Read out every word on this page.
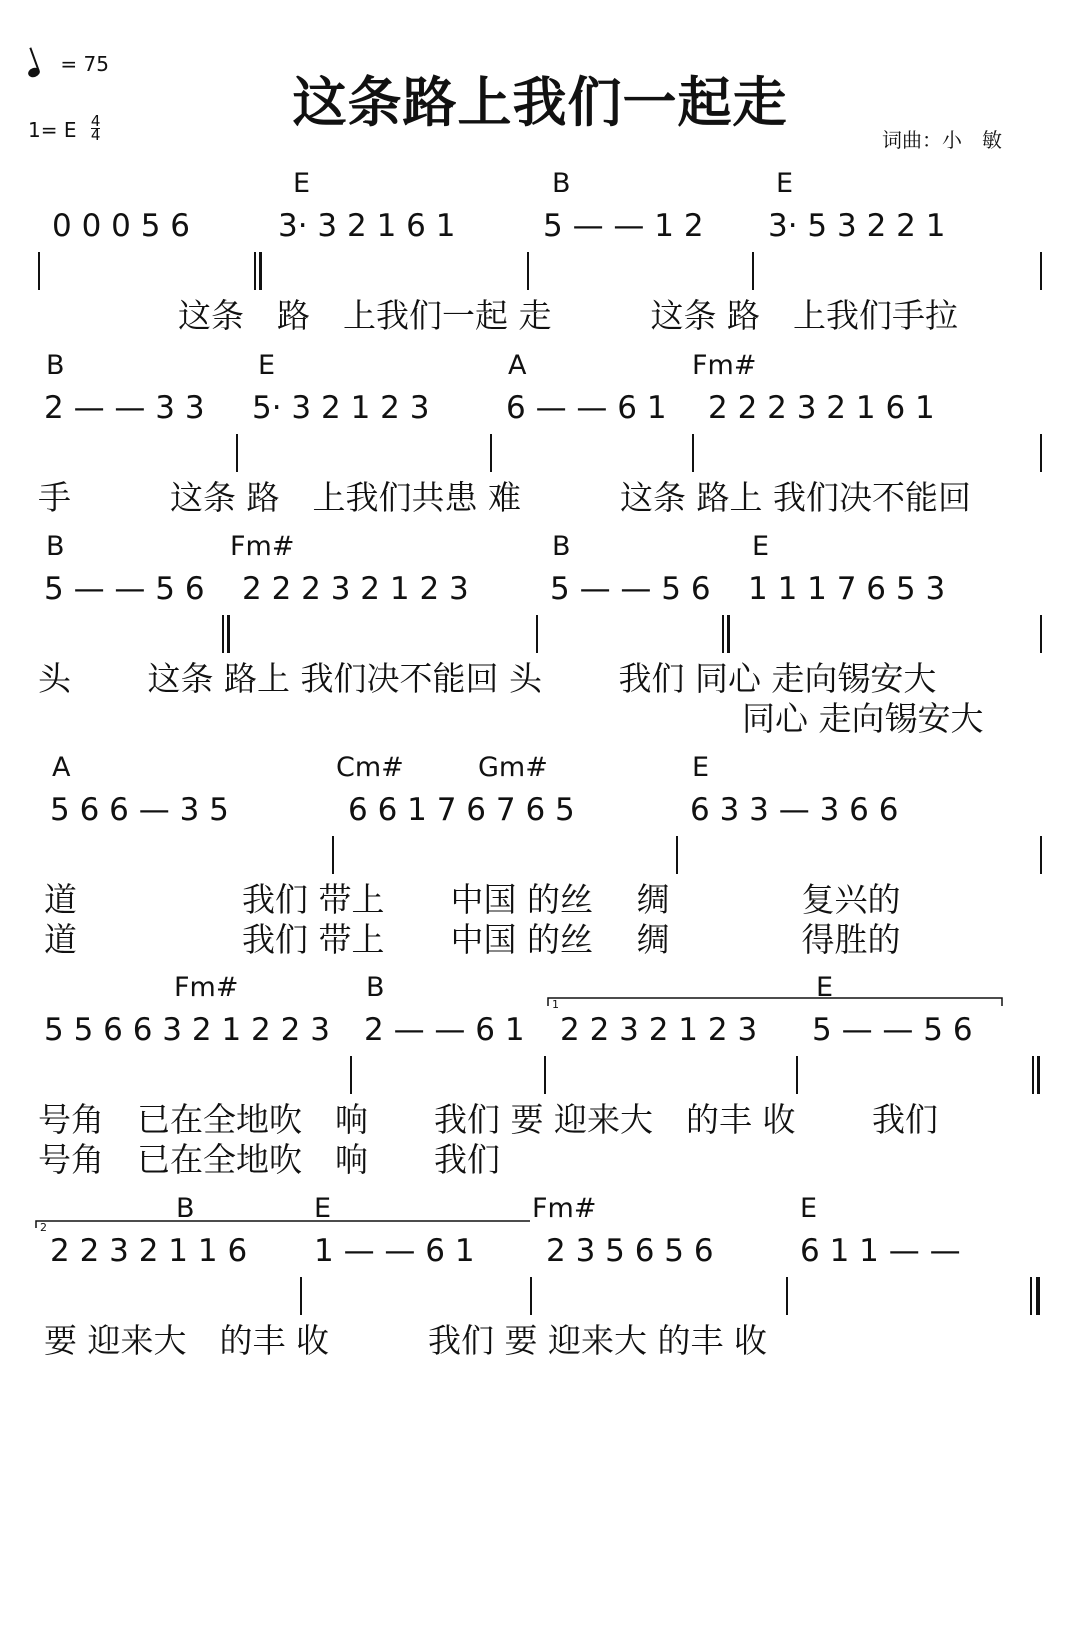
= 75
1= E $\frac{4}{4}$	这条路上我们一起走
词曲：小　敏
E	B	E
0 0 0 5 6	3· 3 2 1 6 1	5 — — 1 2 3· 5 3 2 2 1
这条　路　上我们一起 走　　　这条 路　上我们手拉
B	E	A	Fm#
2 — — 3 3 5· 3 2 1 2 3 6 — — 6 1 2 2 2 3 2 1 6 1
手　　　这条 路　上我们共患 难　　　这条 路上 我们决不能回
B	Fm#	B	E
5 — — 5 6 2 2 2 3 2 1 2 3	5 — — 5 6 1 1 1 7 6 5 3
头　　 这条 路上 我们决不能回 头　　 我们 同心 走向锡安大
同心 走向锡安大
A	Cm#	Gm#	E
5 6 6 — 3 5	6 6 1 7 6 7 6 5	6 3 3 — 3 6 6
道　　　　　我们 带上　　中国 的丝　 绸　　　　复兴的
道　　　　　我们 带上　　中国 的丝　 绸　　　　得胜的
Fm#	B	E
5 5 6 6 3 2 1 2 2 3 2 — — 6 1 2 2 3 2 1 2 3 5 — — 5 6
1
号角　已在全地吹　响　　我们 要 迎来大　的丰 收　　 我们
号角　已在全地吹　响　　我们
B	E	Fm#	E
2 2 3 2 1 1 6 1 — — 6 1 2 3 5 6 5 6	6 1 1 — —
2
要 迎来大　的丰 收　　　我们 要 迎来大 的丰 收
